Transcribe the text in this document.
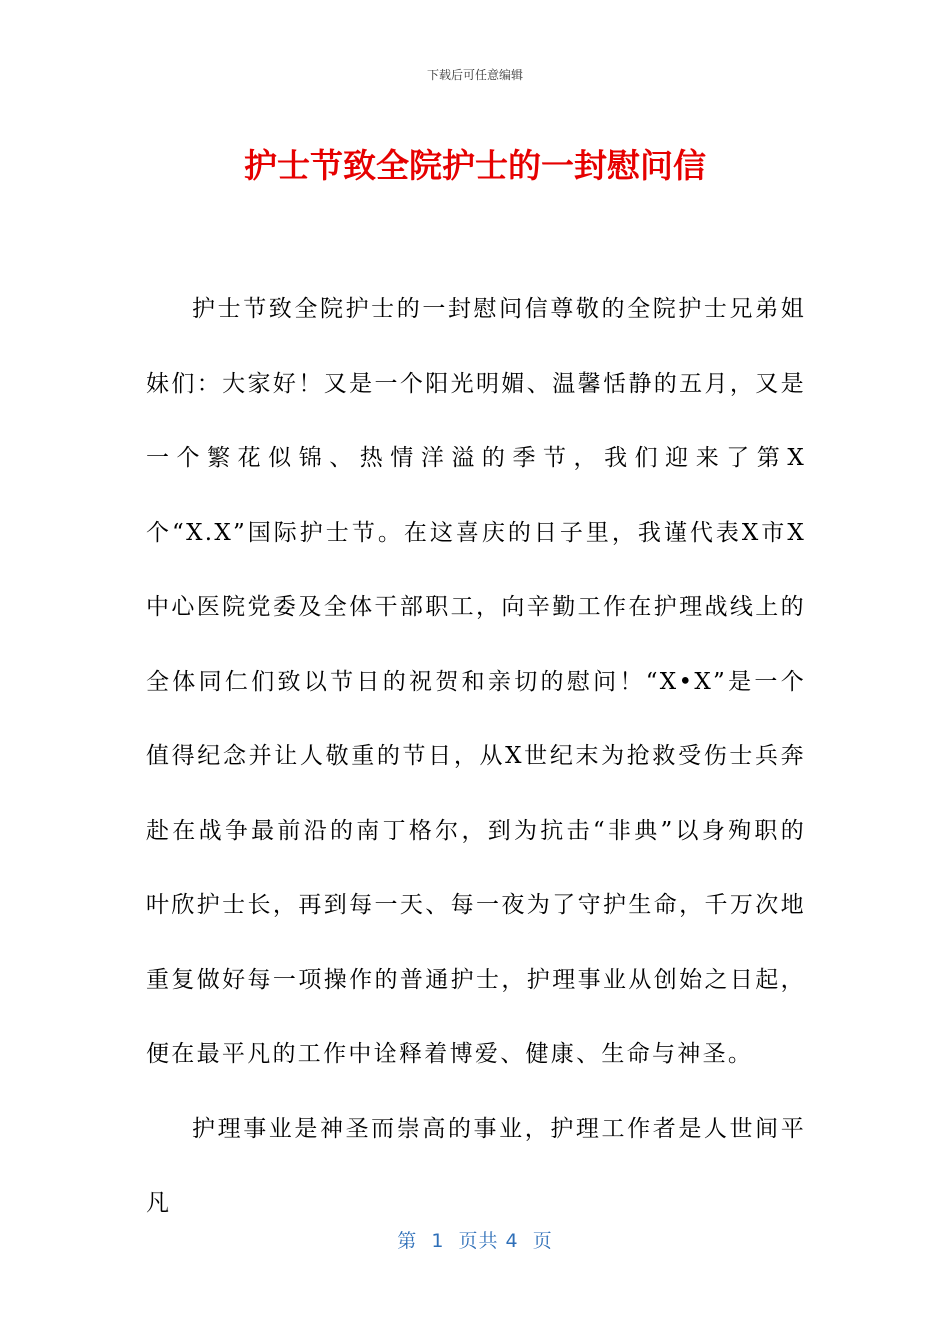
下载后可任意编辑
护士节致全院护士的一封慰问信

护士节致全院护士的一封慰问信尊敬的全院护士兄弟姐妹们：大家好！又是一个阳光明媚、温馨恬静的五月，又是一个繁花似锦、热情洋溢的季节，我们迎来了第X个“X.X”国际护士节。在这喜庆的日子里，我谨代表X市X中心医院党委及全体干部职工，向辛勤工作在护理战线上的全体同仁们致以节日的祝贺和亲切的慰问！“X•X”是一个值得纪念并让人敬重的节日，从X世纪末为抢救受伤士兵奔赴在战争最前沿的南丁格尔，到为抗击“非典”以身殉职的叶欣护士长，再到每一天、每一夜为了守护生命，千万次地重复做好每一项操作的普通护士，护理事业从创始之日起，便在最平凡的工作中诠释着博爱、健康、生命与神圣。

护理事业是神圣而崇高的事业，护理工作者是人世间平凡

第  1  页共 4  页
